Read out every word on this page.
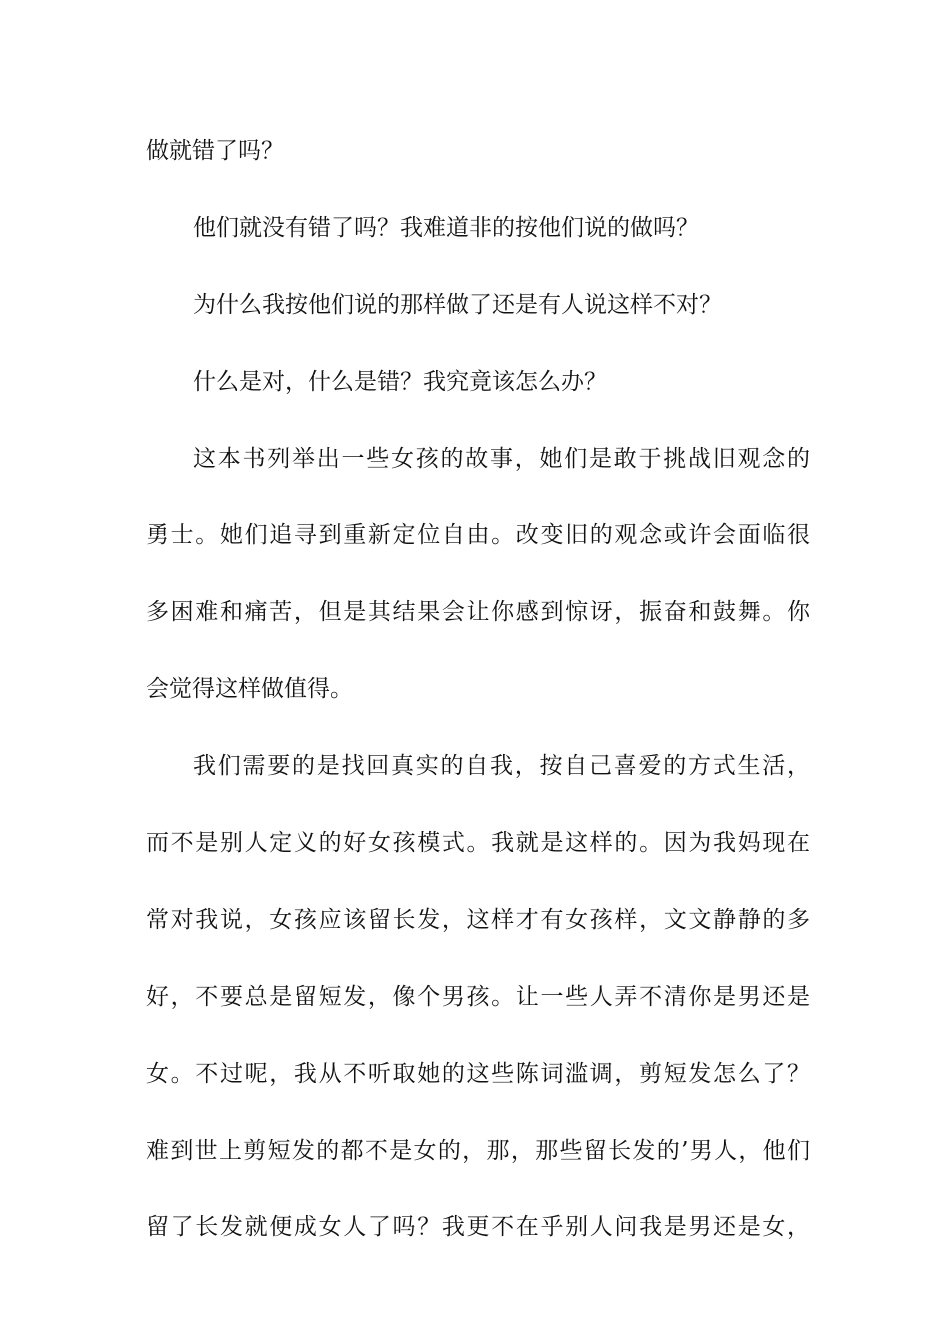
做就错了吗？
他们就没有错了吗？我难道非的按他们说的做吗？
为什么我按他们说的那样做了还是有人说这样不对？
什么是对，什么是错？我究竟该怎么办？
这本书列举出一些女孩的故事，她们是敢于挑战旧观念的
勇士。她们追寻到重新定位自由。改变旧的观念或许会面临很
多困难和痛苦，但是其结果会让你感到惊讶，振奋和鼓舞。你
会觉得这样做值得。
我们需要的是找回真实的自我，按自己喜爱的方式生活，
而不是别人定义的好女孩模式。我就是这样的。因为我妈现在
常对我说，女孩应该留长发，这样才有女孩样，文文静静的多
好，不要总是留短发，像个男孩。让一些人弄不清你是男还是
女。不过呢，我从不听取她的这些陈词滥调，剪短发怎么了？
难到世上剪短发的都不是女的，那，那些留长发的’男人，他们
留了长发就便成女人了吗？我更不在乎别人问我是男还是女，
